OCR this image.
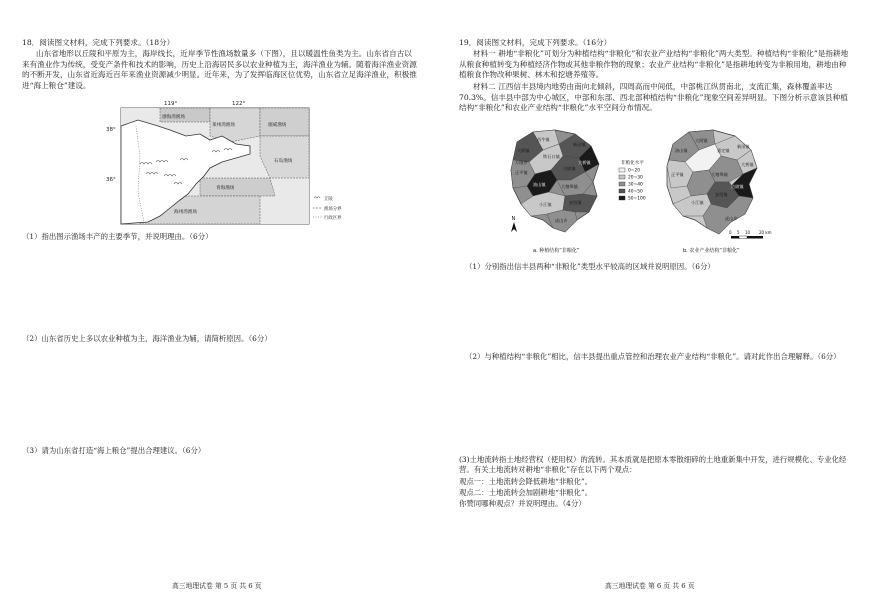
18．阅读图文材料，完成下列要求。（18分）

山东省地形以丘陵和平原为主，海岸线长，近岸季节性渔场数量多（下图），且以暖温性鱼类为主。山东省自古以来有渔业作为传统，受变产条件和技术的影响，历史上沿海居民多以农业种植为主，海洋渔业为辅。随着海洋渔业资源的不断开发，山东省近海近百年来渔业资源减少明显。近年来，为了发挥临海区位优势，山东省立足海洋渔业，积极推进“海上粮仓”建设。

119°	122°
38°
36°
渤海湾渔场
莱州湾渔场	烟威渔场
石岛渔场
青海渔场
海州湾渔场
丘陵
渔场分界
行政区界

（1）指出图示渔场丰产的主要季节，并说明理由。（6分）

（2）山东省历史上多以农业种植为主，海洋渔业为辅，请简析原因。（6分）

（3）请为山东省打造“海上粮仓”提出合理建议。（6分）

高三地理试卷 第 5 页 共 6 页

19．阅读图文材料，完成下列要求。（16分）

材料一 耕地“非粮化”可划分为种植结构“非粮化”和农业产业结构“非粮化”两大类型。种植结构“非粮化”是指耕地从粮食种植转变为种植经济作物或其他非粮作物的现象；农业产业结构“非粮化”是指耕地转变为非粮用地，耕地由种植粮食作物改种果树、林木和挖塘养殖等。

材料二 江西信丰县境内地势由南向北倾斜，四周高而中间低，中部桃江纵贯南北，支流汇集，森林覆盖率达70.3%。信丰县中部为中心城区，中部和东部、西北部种植结构“非粮化”现象空间差异明显。下图分析示意该县种植结构“非粮化”和农业产业结构“非粮化”水平空间分布情况。

西牛镇
新田镇
大桥镇
铁石口镇
大阿镇
古陂镇
正平镇
大塘埠镇
油山镇
小江镇	安西镇
虎山乡
万隆乡	非粮化水平
0~20
20~30
30~40
40~50
50~100
N
油山镇
大阿镇
嘉定镇
新田镇
大桥镇
正平镇
古陂镇
大塘埠镇
安西镇
虎山乡
小江镇
0 5 10 20 km
a. 种植结构“非粮化”	b. 农业产业结构“非粮化”

（1）分别指出信丰县两种“非粮化”类型水平较高的区域并说明原因。（6分）

（2）与种植结构“非粮化”相比，信丰县提出重点管控和治理农业产业结构“非粮化”。请对此作出合理解释。（6分）

(3)土地流转指土地经营权（使用权）的流转。其本质就是把原本零散细碎的土地重新集中开发，进行规模化、专业化经营。有关土地流转对耕地“非粮化”存在以下两个观点：

观点一：土地流转会降低耕地“非粮化”。

观点二：土地流转会加剧耕地“非粮化”。

你赞同哪种观点？并说明理由。（4分）

高三地理试卷 第 6 页 共 6 页
